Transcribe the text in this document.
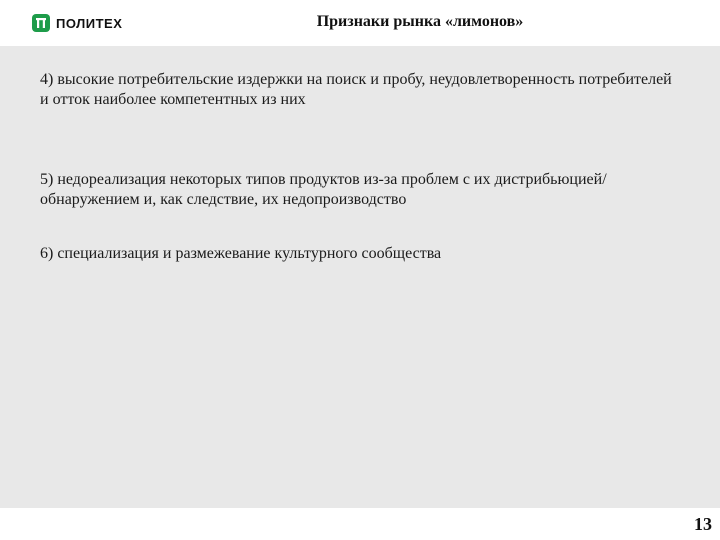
ПОЛИТЕХ	Признаки рынка «лимонов»
4) высокие потребительские издержки на поиск и пробу, неудовлетворенность потребителей и отток наиболее компетентных из них
5) недореализация некоторых типов продуктов из-за проблем с их дистрибьюцией/обнаружением и, как следствие, их недопроизводство
6) специализация и размежевание культурного сообщества
13
